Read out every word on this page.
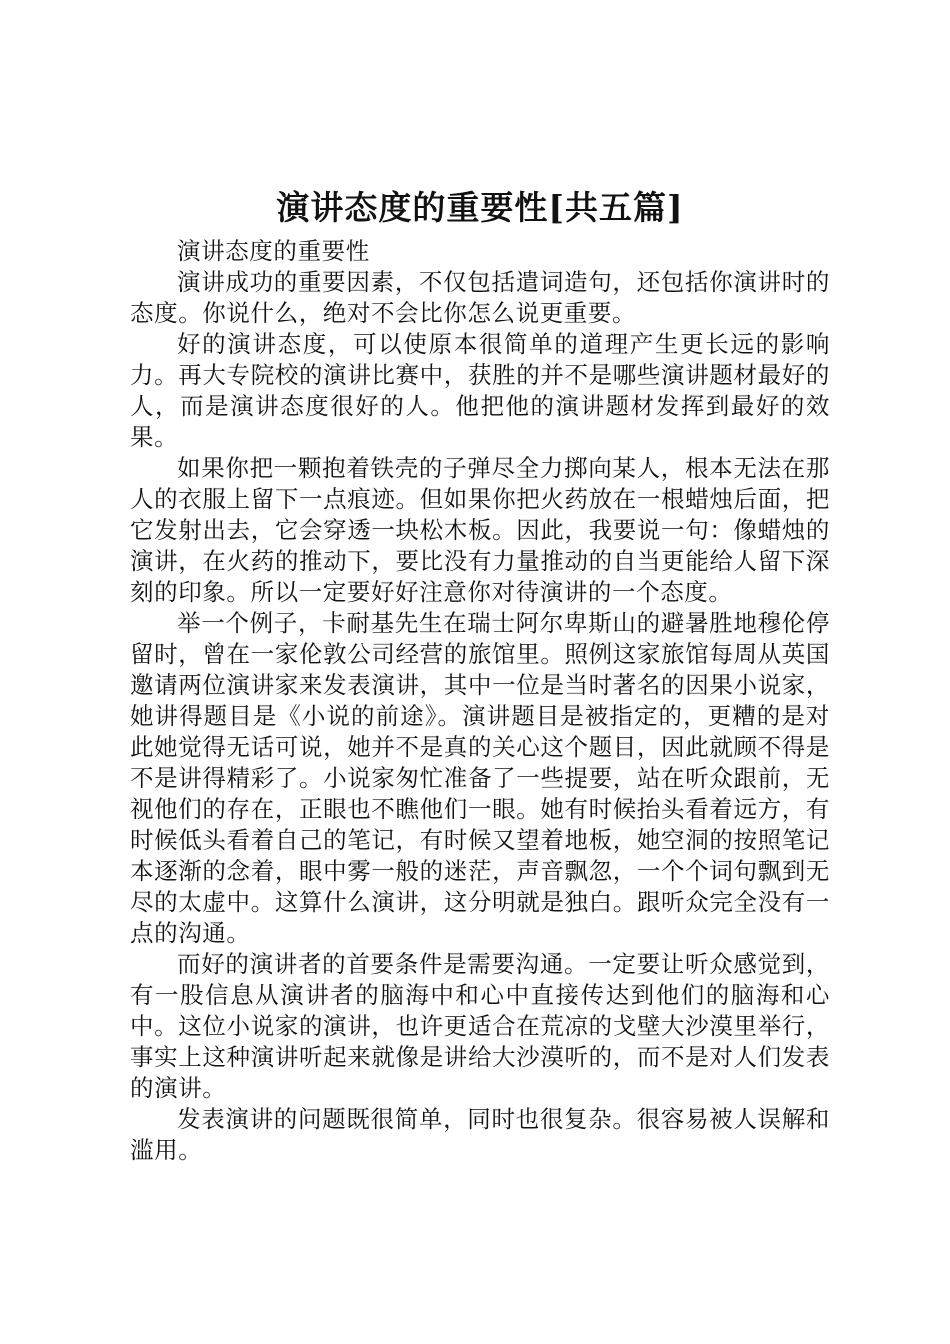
演讲态度的重要性[共五篇]

演讲态度的重要性

演讲成功的重要因素，不仅包括遣词造句，还包括你演讲时的态度。你说什么，绝对不会比你怎么说更重要。

好的演讲态度，可以使原本很简单的道理产生更长远的影响力。再大专院校的演讲比赛中，获胜的并不是哪些演讲题材最好的人，而是演讲态度很好的人。他把他的演讲题材发挥到最好的效果。

如果你把一颗抱着铁壳的子弹尽全力掷向某人，根本无法在那人的衣服上留下一点痕迹。但如果你把火药放在一根蜡烛后面，把它发射出去，它会穿透一块松木板。因此，我要说一句：像蜡烛的演讲，在火药的推动下，要比没有力量推动的自当更能给人留下深刻的印象。所以一定要好好注意你对待演讲的一个态度。

举一个例子，卡耐基先生在瑞士阿尔卑斯山的避暑胜地穆伦停留时，曾在一家伦敦公司经营的旅馆里。照例这家旅馆每周从英国邀请两位演讲家来发表演讲，其中一位是当时著名的因果小说家，她讲得题目是《小说的前途》。演讲题目是被指定的，更糟的是对此她觉得无话可说，她并不是真的关心这个题目，因此就顾不得是不是讲得精彩了。小说家匆忙准备了一些提要，站在听众跟前，无视他们的存在，正眼也不瞧他们一眼。她有时候抬头看着远方，有时候低头看着自己的笔记，有时候又望着地板，她空洞的按照笔记本逐渐的念着，眼中雾一般的迷茫，声音飘忽，一个个词句飘到无尽的太虚中。这算什么演讲，这分明就是独白。跟听众完全没有一点的沟通。

而好的演讲者的首要条件是需要沟通。一定要让听众感觉到，有一股信息从演讲者的脑海中和心中直接传达到他们的脑海和心中。这位小说家的演讲，也许更适合在荒凉的戈壁大沙漠里举行，事实上这种演讲听起来就像是讲给大沙漠听的，而不是对人们发表的演讲。

发表演讲的问题既很简单，同时也很复杂。很容易被人误解和滥用。
